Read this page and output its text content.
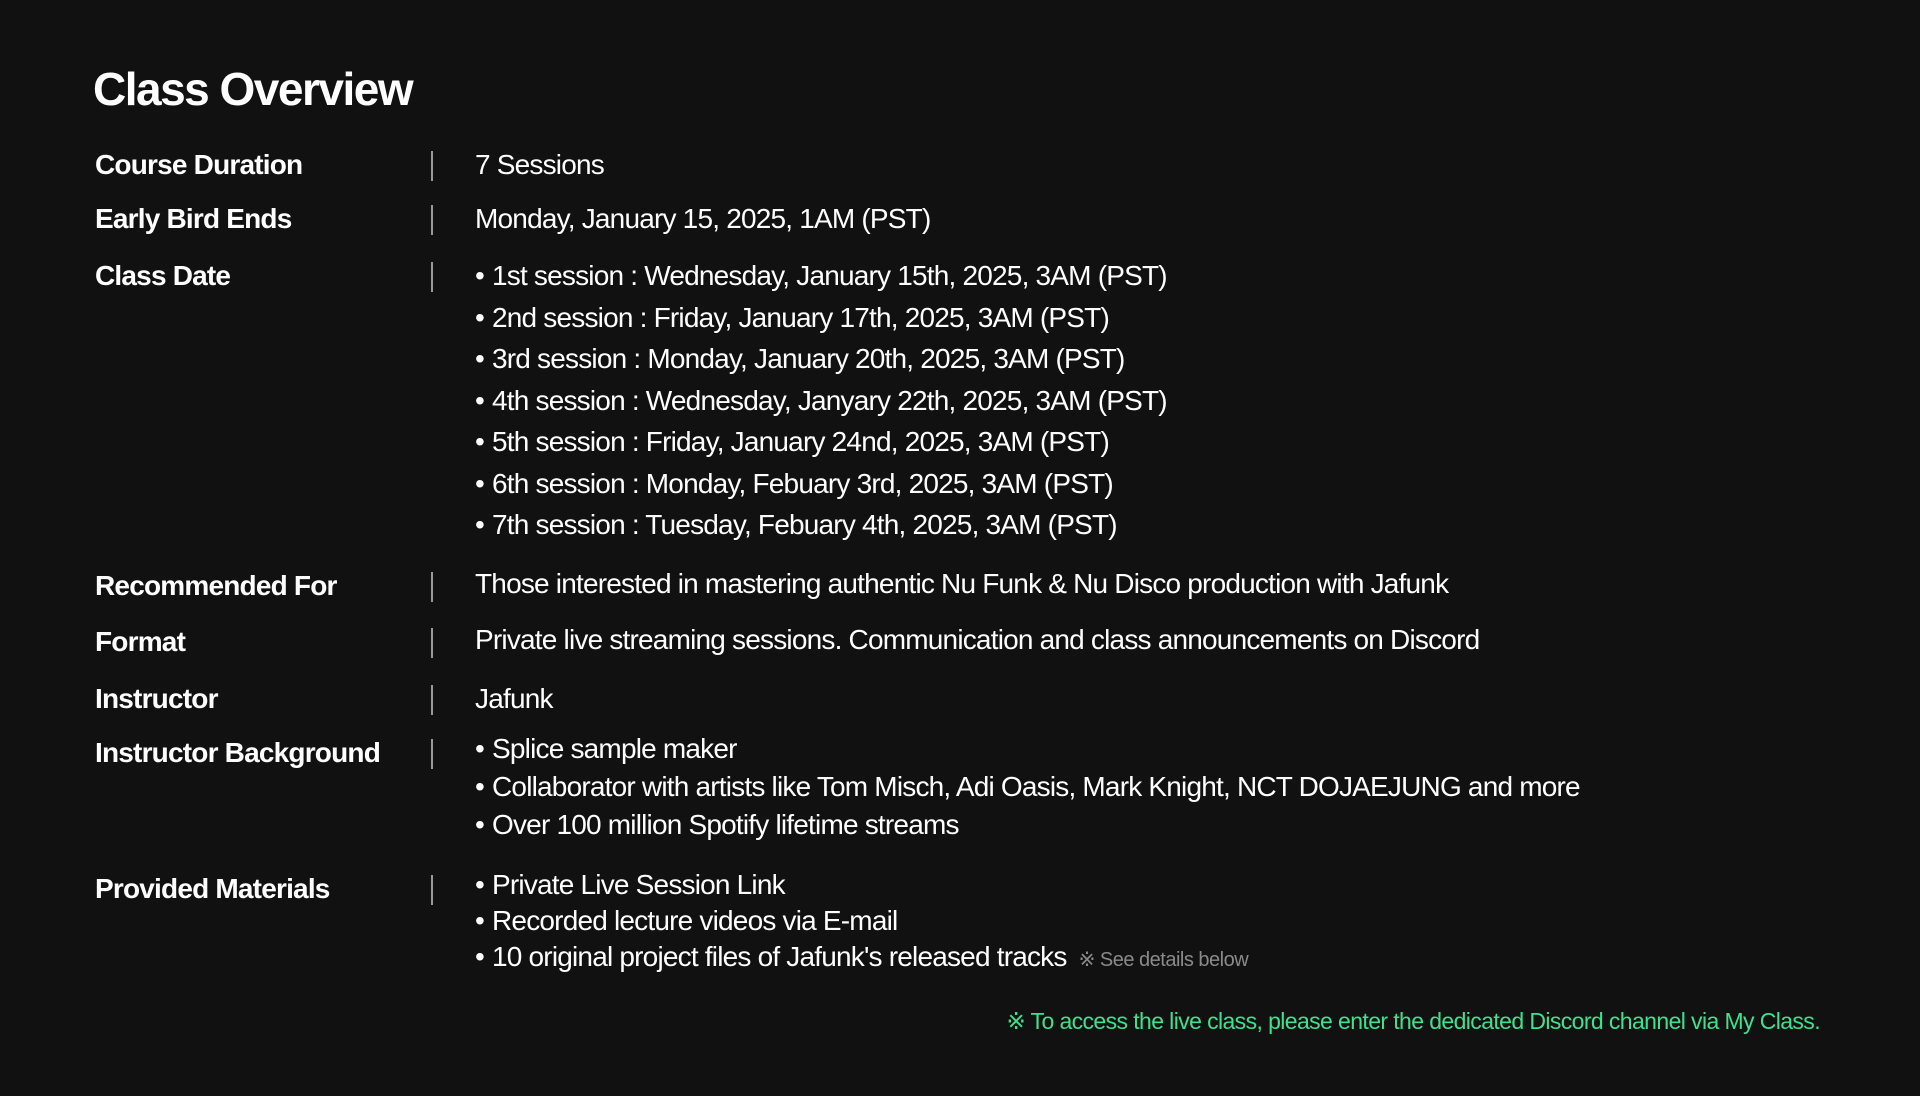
Class Overview
Course Duration	7 Sessions
Early Bird Ends	Monday, January 15, 2025, 1AM (PST)
Class Date	• 1st session : Wednesday, January 15th, 2025, 3AM (PST)
• 2nd session : Friday, January 17th, 2025, 3AM (PST)
• 3rd session : Monday, January 20th, 2025, 3AM (PST)
• 4th session : Wednesday, Janyary 22th, 2025, 3AM (PST)
• 5th session : Friday, January 24nd, 2025, 3AM (PST)
• 6th session : Monday, Febuary 3rd, 2025, 3AM (PST)
• 7th session : Tuesday, Febuary 4th, 2025, 3AM (PST)
Recommended For	Those interested in mastering authentic Nu Funk & Nu Disco production with Jafunk
Format	Private live streaming sessions. Communication and class announcements on Discord
Instructor	Jafunk
Instructor Background	• Splice sample maker
• Collaborator with artists like Tom Misch, Adi Oasis, Mark Knight, NCT DOJAEJUNG and more
• Over 100 million Spotify lifetime streams
Provided Materials	• Private Live Session Link
• Recorded lecture videos via E-mail
• 10 original project files of Jafunk's released tracks ※ See details below
※ To access the live class, please enter the dedicated Discord channel via My Class.
